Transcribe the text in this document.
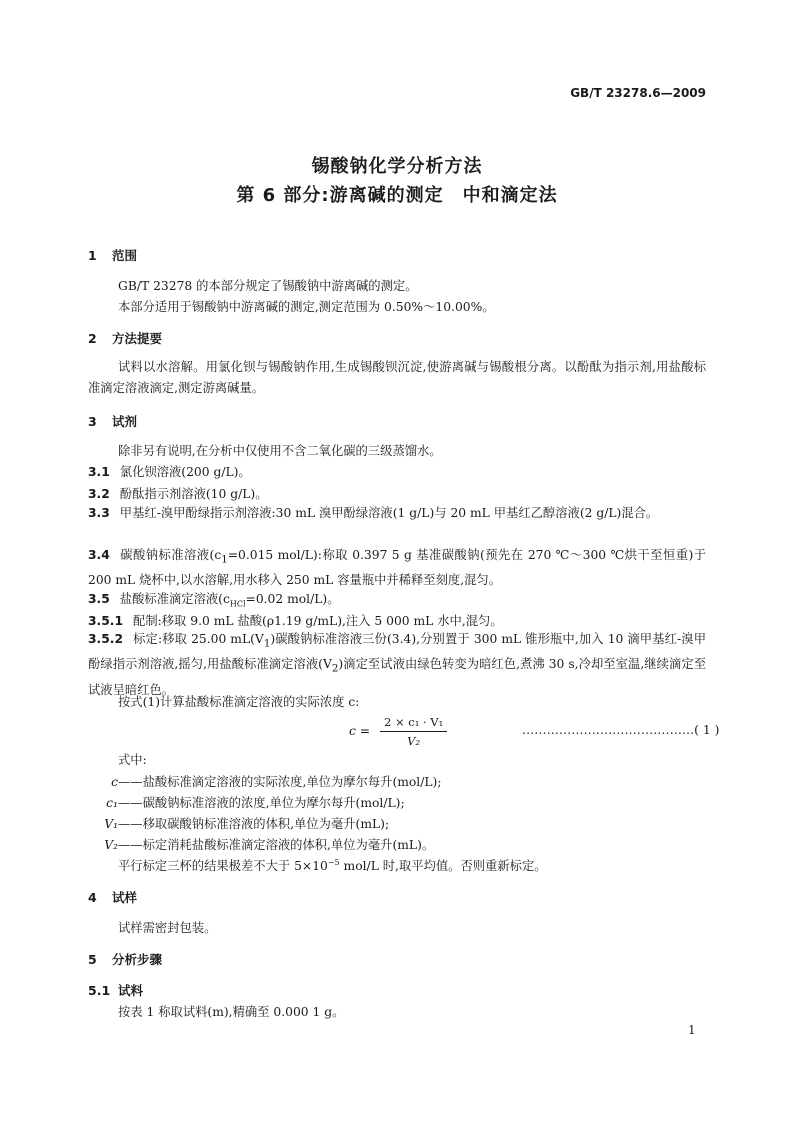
GB/T 23278.6—2009
锡酸钠化学分析方法
第 6 部分:游离碱的测定　中和滴定法
1 范围
GB/T 23278 的本部分规定了锡酸钠中游离碱的测定。
本部分适用于锡酸钠中游离碱的测定,测定范围为 0.50%～10.00%。
2 方法提要
试料以水溶解。用氯化钡与锡酸钠作用,生成锡酸钡沉淀,使游离碱与锡酸根分离。以酚酞为指示剂,用盐酸标准滴定溶液滴定,测定游离碱量。
3 试剂
除非另有说明,在分析中仅使用不含二氧化碳的三级蒸馏水。
3.1 氯化钡溶液(200 g/L)。
3.2 酚酞指示剂溶液(10 g/L)。
3.3 甲基红-溴甲酚绿指示剂溶液:30 mL 溴甲酚绿溶液(1 g/L)与 20 mL 甲基红乙醇溶液(2 g/L)混合。
3.4 碳酸钠标准溶液($c_1=0.015$ mol/L):称取 0.397 5 g 基准碳酸钠(预先在 270 ℃～300 ℃烘干至恒重)于 200 mL 烧杯中,以水溶解,用水移入 250 mL 容量瓶中并稀释至刻度,混匀。
3.5 盐酸标准滴定溶液($c_{HCl}=0.02$ mol/L)。
3.5.1 配制:移取 9.0 mL 盐酸(ρ1.19 g/mL),注入 5 000 mL 水中,混匀。
3.5.2 标定:移取 25.00 $mL(V_1)$碳酸钠标准溶液三份(3.4),分别置于 300 mL 锥形瓶中,加入 10 滴甲基红-溴甲酚绿指示剂溶液,摇匀,用盐酸标准滴定溶液$(V_2)$滴定至试液由绿色转变为暗红色,煮沸 30 s,冷却至室温,继续滴定至试液呈暗红色。
按式(1)计算盐酸标准滴定溶液的实际浓度 c:
$c = \frac{\text{2 × c₁ · V₁}}{\text{V₂}}$	……………………………………( 1 )
式中:
c——盐酸标准滴定溶液的实际浓度,单位为摩尔每升(mol/L);
c₁——碳酸钠标准溶液的浓度,单位为摩尔每升(mol/L);
V₁——移取碳酸钠标准溶液的体积,单位为毫升(mL);
V₂——标定消耗盐酸标准滴定溶液的体积,单位为毫升(mL)。
平行标定三杯的结果极差不大于 $5\times 10^{-5}$ mol/L 时,取平均值。否则重新标定。
4 试样
试样需密封包装。
5 分析步骤
5.1 试料
按表 1 称取试料(m),精确至 0.000 1 g。
1
